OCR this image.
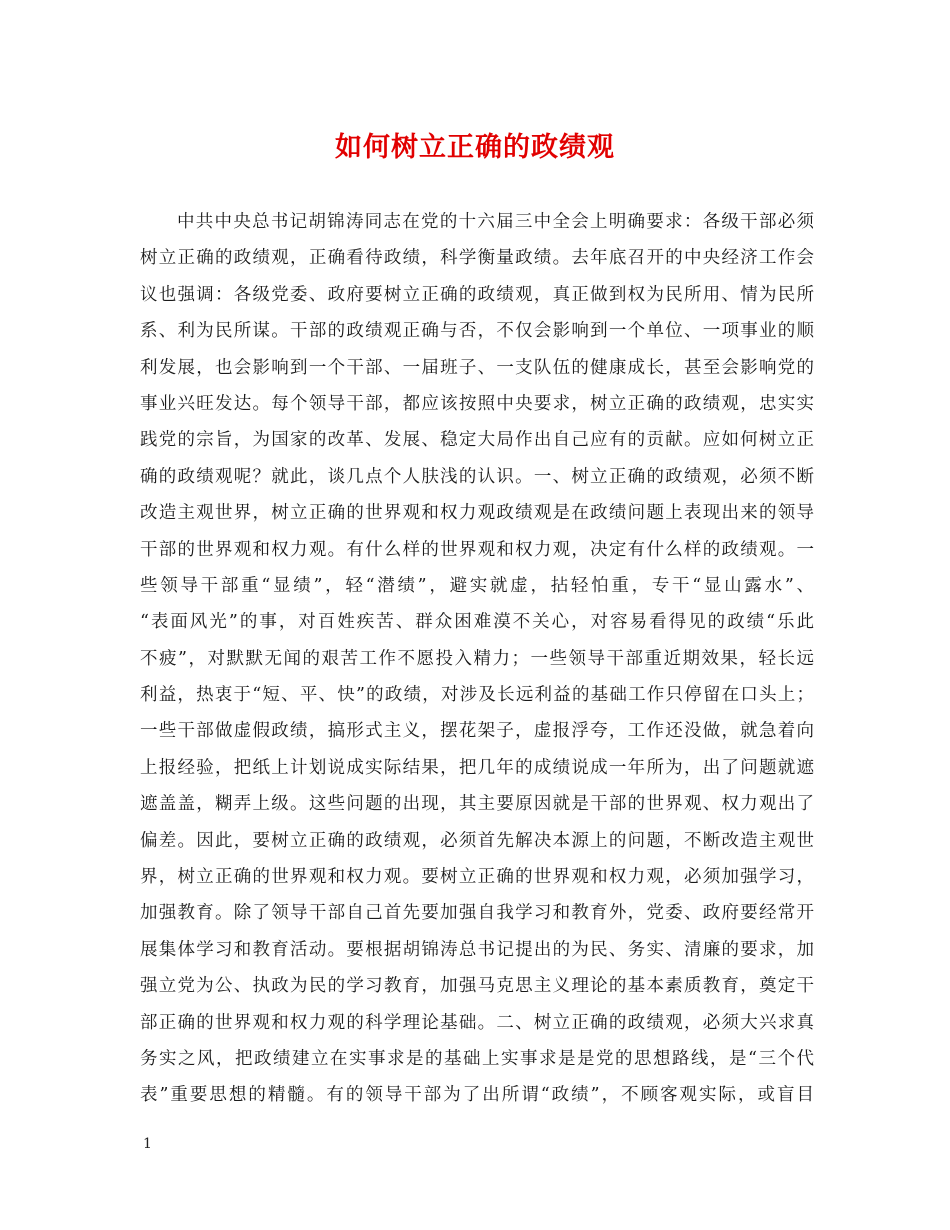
如何树立正确的政绩观
中共中央总书记胡锦涛同志在党的十六届三中全会上明确要求：各级干部必须
树立正确的政绩观，正确看待政绩，科学衡量政绩。去年底召开的中央经济工作会
议也强调：各级党委、政府要树立正确的政绩观，真正做到权为民所用、情为民所
系、利为民所谋。干部的政绩观正确与否，不仅会影响到一个单位、一项事业的顺
利发展，也会影响到一个干部、一届班子、一支队伍的健康成长，甚至会影响党的
事业兴旺发达。每个领导干部，都应该按照中央要求，树立正确的政绩观，忠实实
践党的宗旨，为国家的改革、发展、稳定大局作出自己应有的贡献。应如何树立正
确的政绩观呢？就此，谈几点个人肤浅的认识。一、树立正确的政绩观，必须不断
改造主观世界，树立正确的世界观和权力观政绩观是在政绩问题上表现出来的领导
干部的世界观和权力观。有什么样的世界观和权力观，决定有什么样的政绩观。一
些领导干部重“显绩”，轻“潜绩”，避实就虚，拈轻怕重，专干“显山露水”、
“表面风光”的事，对百姓疾苦、群众困难漠不关心，对容易看得见的政绩“乐此
不疲”，对默默无闻的艰苦工作不愿投入精力；一些领导干部重近期效果，轻长远
利益，热衷于“短、平、快”的政绩，对涉及长远利益的基础工作只停留在口头上；
一些干部做虚假政绩，搞形式主义，摆花架子，虚报浮夸，工作还没做，就急着向
上报经验，把纸上计划说成实际结果，把几年的成绩说成一年所为，出了问题就遮
遮盖盖，糊弄上级。这些问题的出现，其主要原因就是干部的世界观、权力观出了
偏差。因此，要树立正确的政绩观，必须首先解决本源上的问题，不断改造主观世
界，树立正确的世界观和权力观。要树立正确的世界观和权力观，必须加强学习，
加强教育。除了领导干部自己首先要加强自我学习和教育外，党委、政府要经常开
展集体学习和教育活动。要根据胡锦涛总书记提出的为民、务实、清廉的要求，加
强立党为公、执政为民的学习教育，加强马克思主义理论的基本素质教育，奠定干
部正确的世界观和权力观的科学理论基础。二、树立正确的政绩观，必须大兴求真
务实之风，把政绩建立在实事求是的基础上实事求是是党的思想路线，是“三个代
表”重要思想的精髓。有的领导干部为了出所谓“政绩”，不顾客观实际，或盲目
1
